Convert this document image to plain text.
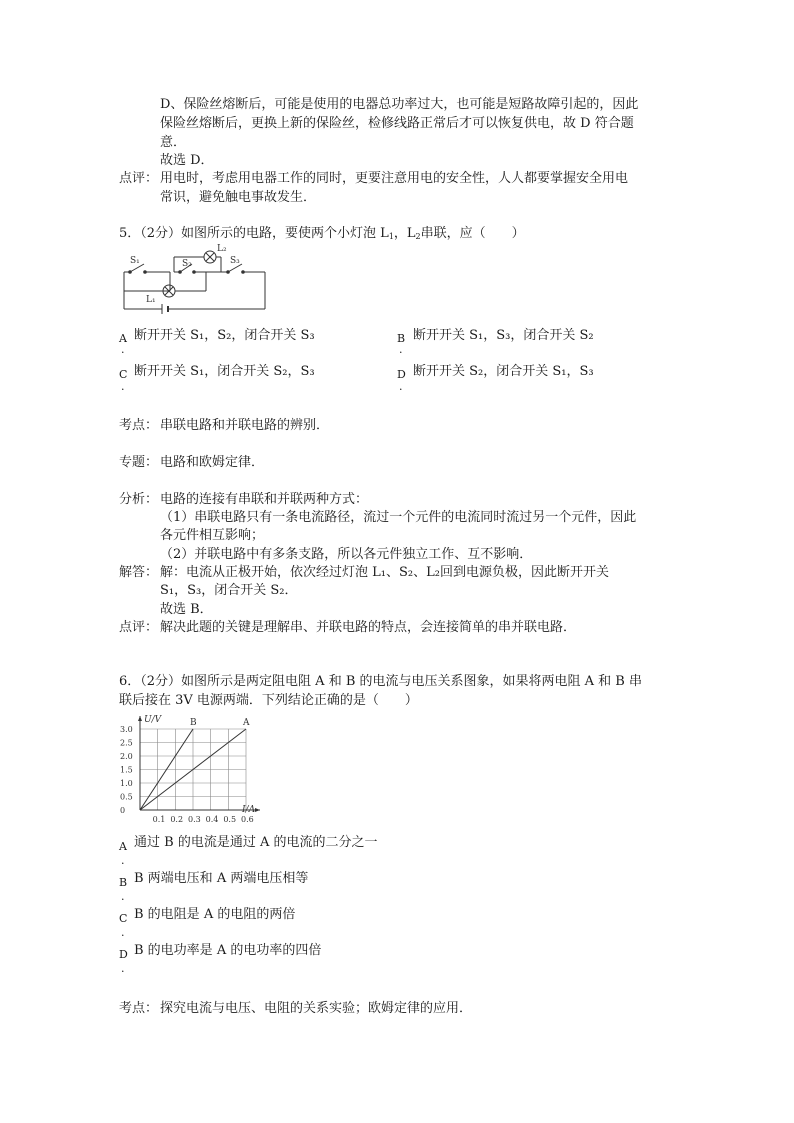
D、保险丝熔断后，可能是使用的电器总功率过大，也可能是短路故障引起的，因此
保险丝熔断后，更换上新的保险丝，检修线路正常后才可以恢复供电，故 D 符合题
意．
故选 D．
点评： 用电时，考虑用电器工作的同时，更要注意用电的安全性，人人都要掌握安全用电
常识，避免触电事故发生．
5．（2分）如图所示的电路，要使两个小灯泡 $L_1$，$L_2$串联，应（　　）
S₁	S₂	S₃
L₁
L₂
A
.
断开开关 S₁，S₂，闭合开关 S₃	B
.
断开开关 S₁，S₃，闭合开关 S₂
C
.
断开开关 S₁，闭合开关 S₂，S₃	D
.
断开开关 S₂，闭合开关 S₁，S₃
考点： 串联电路和并联电路的辨别．
专题： 电路和欧姆定律．
分析： 电路的连接有串联和并联两种方式：
（1）串联电路只有一条电流路径，流过一个元件的电流同时流过另一个元件，因此
各元件相互影响；
（2）并联电路中有多条支路，所以各元件独立工作、互不影响．
解答： 解：电流从正极开始，依次经过灯泡 L₁、S₂、L₂回到电源负极，因此断开开关
S₁，S₃，闭合开关 S₂．
故选 B．
点评： 解决此题的关键是理解串、并联电路的特点，会连接简单的串并联电路．
6．（2分）如图所示是两定阻电阻 A 和 B 的电流与电压关系图象，如果将两电阻 A 和 B 串
联后接在 3V 电源两端．下列结论正确的是（　　）
0.1 0.2 0.3 0.4 0.5 0.6
0
0.5
1.0
1.5
2.0
2.5
3.0
A
B
U/V
I/A
A
.
通过 B 的电流是通过 A 的电流的二分之一
B
.
B 两端电压和 A 两端电压相等
C
.
B 的电阻是 A 的电阻的两倍
D
.
B 的电功率是 A 的电功率的四倍
考点： 探究电流与电压、电阻的关系实验；欧姆定律的应用．
